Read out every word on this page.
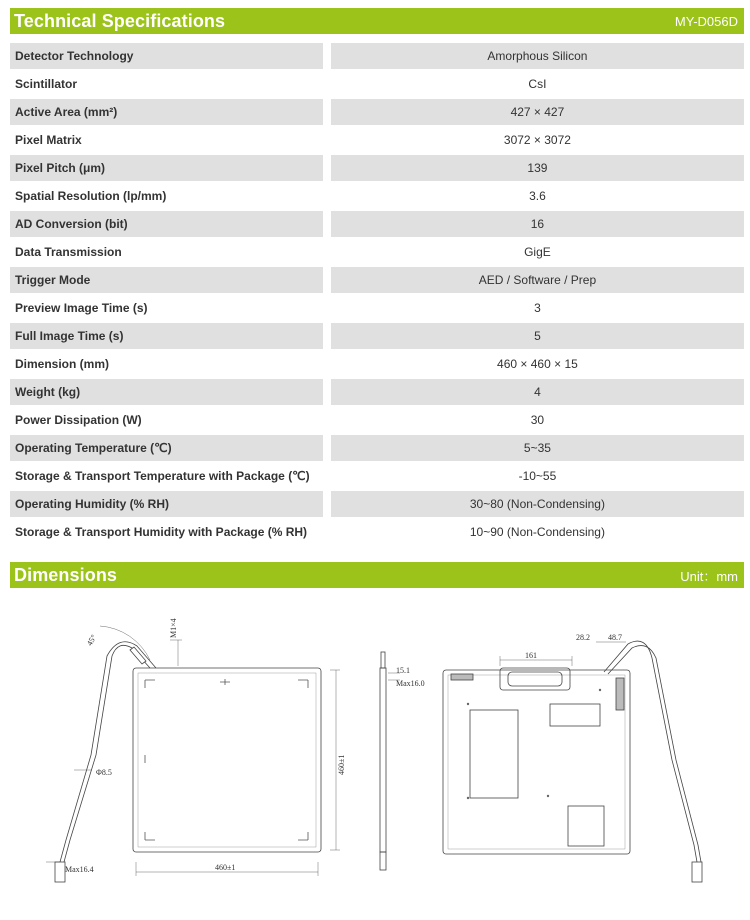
Technical Specifications	MY-D056D
Detector Technology	Amorphous Silicon
Scintillator	CsI
Active Area (mm²)	427 × 427
Pixel Matrix	3072 × 3072
Pixel Pitch (μm)	139
Spatial Resolution (lp/mm)	3.6
AD Conversion (bit)	16
Data Transmission	GigE
Trigger Mode	AED / Software / Prep
Preview Image Time (s)	3
Full Image Time (s)	5
Dimension (mm)	460 × 460 × 15
Weight (kg)	4
Power Dissipation (W)	30
Operating Temperature (℃)	5~35
Storage & Transport Temperature with Package (℃)	-10~55
Operating Humidity (% RH)	30~80 (Non-Condensing)
Storage & Transport Humidity with Package (% RH)	10~90 (Non-Condensing)
Dimensions	Unit：mm
45°
M1×4
Φ8.5
Max16.4
460±1
460±1
15.1
Max16.0
161
28.2 48.7
